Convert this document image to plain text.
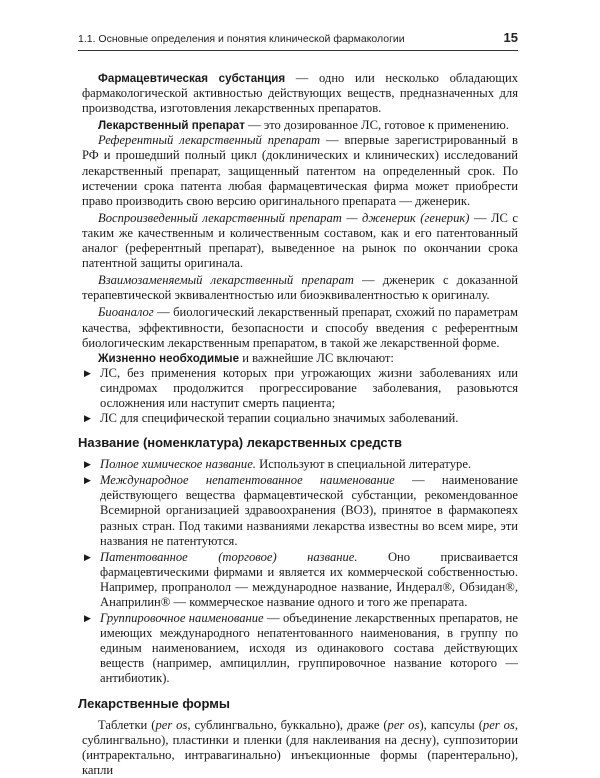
1.1. Основные определения и понятия клинической фармакологии	15

Фармацевтическая субстанция — одно или несколько обладающих фармакологической активностью действующих веществ, предназначенных для производства, изготовления лекарственных препаратов.

Лекарственный препарат — это дозированное ЛС, готовое к применению.

Референтный лекарственный препарат — впервые зарегистрированный в РФ и прошедший полный цикл (доклинических и клинических) исследований лекарственный препарат, защищенный патентом на определенный срок. По истечении срока патента любая фармацевтическая фирма может приобрести право производить свою версию оригинального препарата — дженерик.

Воспроизведенный лекарственный препарат — дженерик (генерик) — ЛС с таким же качественным и количественным составом, как и его патентованный аналог (референтный препарат), выведенное на рынок по окончании срока патентной защиты оригинала.

Взаимозаменяемый лекарственный препарат — дженерик с доказанной терапевтической эквивалентностью или биоэквивалентностью к оригиналу.

Биоаналог — биологический лекарственный препарат, схожий по параметрам качества, эффективности, безопасности и способу введения с референтным биологическим лекарственным препаратом, в такой же лекарственной форме.

Жизненно необходимые и важнейшие ЛС включают:

▶ ЛС, без применения которых при угрожающих жизни заболеваниях или синдромах продолжится прогрессирование заболевания, разовьются осложнения или наступит смерть пациента;
▶ ЛС для специфической терапии социально значимых заболеваний.
Название (номенклатура) лекарственных средств
▶ Полное химическое название. Используют в специальной литературе.
▶ Международное непатентованное наименование — наименование действующего вещества фармацевтической субстанции, рекомендованное Всемирной организацией здравоохранения (ВОЗ), принятое в фармакопеях разных стран. Под такими названиями лекарства известны во всем мире, эти названия не патентуются.
▶ Патентованное (торговое) название. Оно присваивается фармацевтическими фирмами и является их коммерческой собственностью. Например, пропранолол — международное название, Индерал®, Обзидан®, Анаприлин® — коммерческое название одного и того же препарата.
▶ Группировочное наименование — объединение лекарственных препаратов, не имеющих международного непатентованного наименования, в группу по единым наименованием, исходя из одинакового состава действующих веществ (например, ампициллин, группировочное название которого — антибиотик).
Лекарственные формы

Таблетки (per os, сублингвально, буккально), драже (per os), капсулы (per os, сублингвально), пластинки и пленки (для наклеивания на десну), суппозитории (интраректально, интравагинально) инъекционные формы (парентерально), капли
